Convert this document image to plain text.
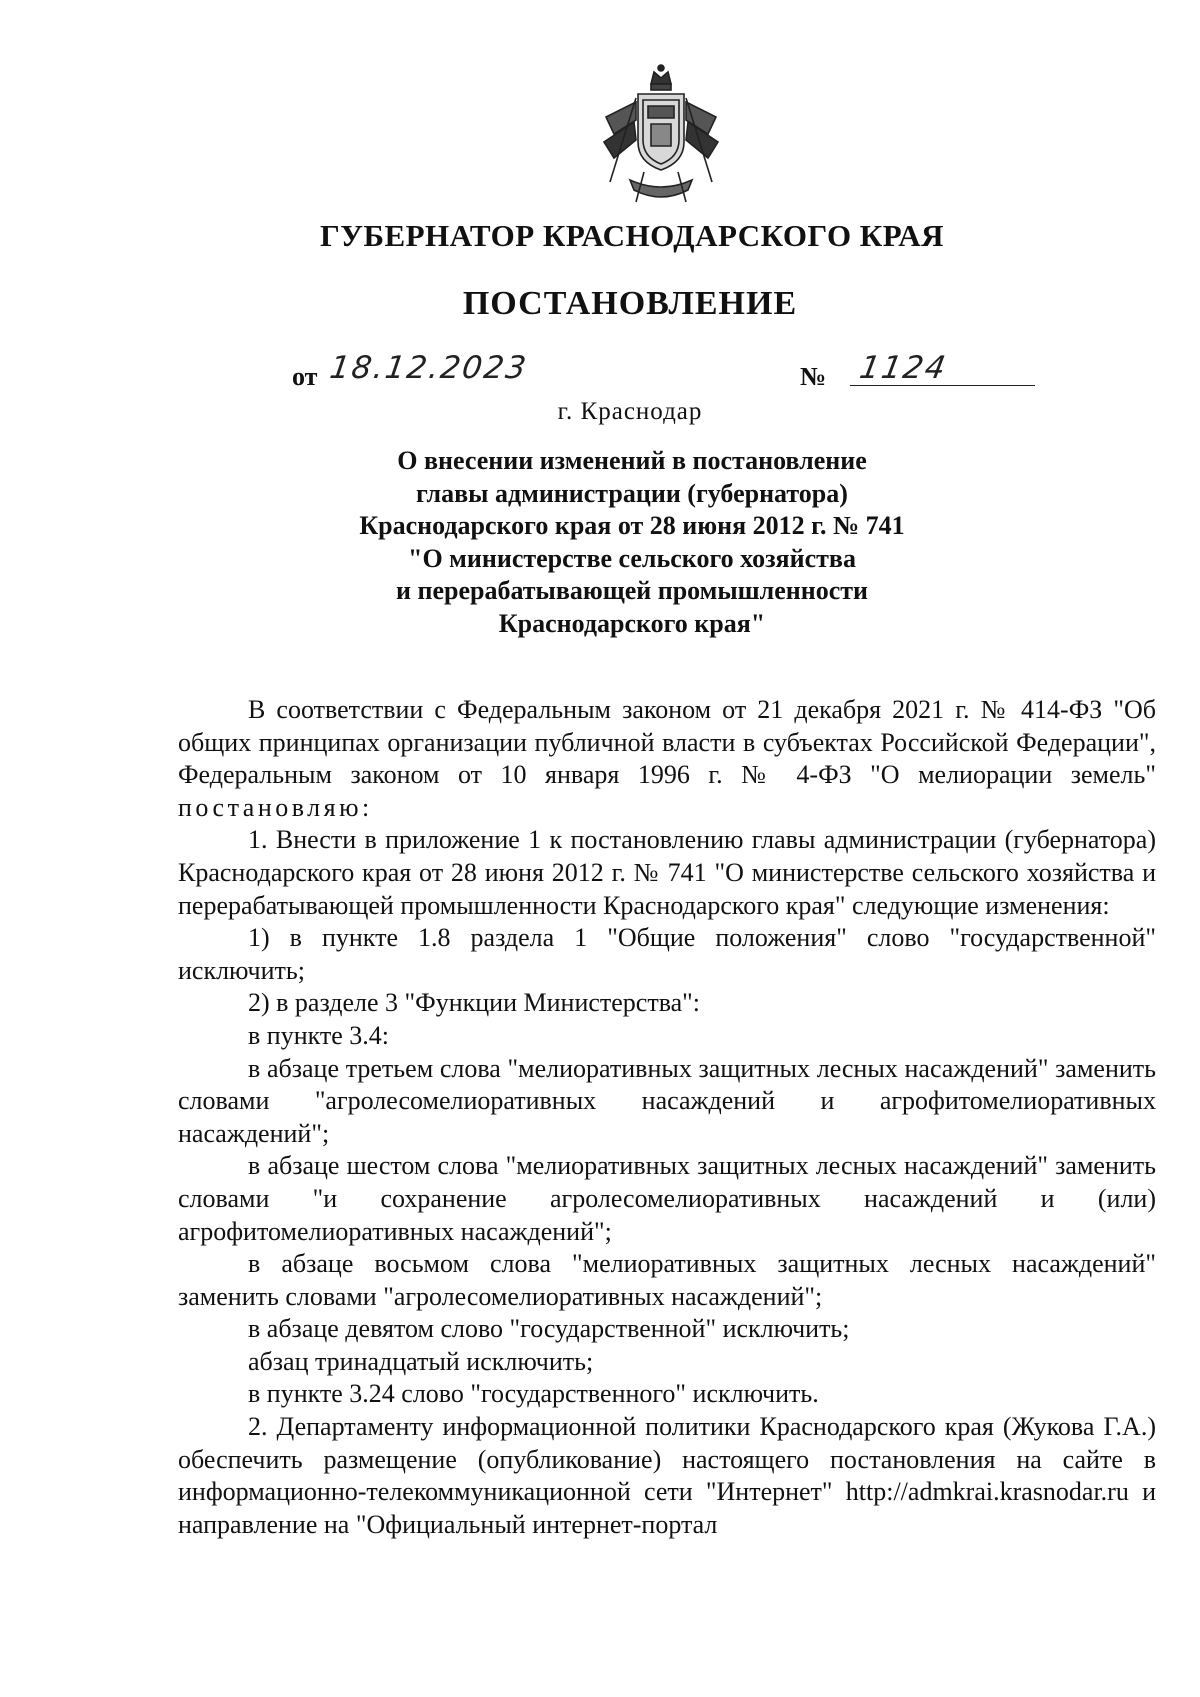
ГУБЕРНАТОР КРАСНОДАРСКОГО КРАЯ
ПОСТАНОВЛЕНИЕ
от 18.12.2023	№ 1124
г. Краснодар
О внесении изменений в постановление
главы администрации (губернатора)
Краснодарского края от 28 июня 2012 г. № 741
"О министерстве сельского хозяйства
и перерабатывающей промышленности
Краснодарского края"

В соответствии с Федеральным законом от 21 декабря 2021 г. № 414-ФЗ "Об общих принципах организации публичной власти в субъектах Российской Федерации", Федеральным законом от 10 января 1996 г. № 4-ФЗ "О мелиорации земель" постановляю:

1. Внести в приложение 1 к постановлению главы администрации (губернатора) Краснодарского края от 28 июня 2012 г. № 741 "О министерстве сельского хозяйства и перерабатывающей промышленности Краснодарского края" следующие изменения:

1) в пункте 1.8 раздела 1 "Общие положения" слово "государственной" исключить;

2) в разделе 3 "Функции Министерства":

в пункте 3.4:

в абзаце третьем слова "мелиоративных защитных лесных насаждений" заменить словами "агролесомелиоративных насаждений и агрофитомелиоративных насаждений";

в абзаце шестом слова "мелиоративных защитных лесных насаждений" заменить словами "и сохранение агролесомелиоративных насаждений и (или) агрофитомелиоративных насаждений";

в абзаце восьмом слова "мелиоративных защитных лесных насаждений" заменить словами "агролесомелиоративных насаждений";

в абзаце девятом слово "государственной" исключить;

абзац тринадцатый исключить;

в пункте 3.24 слово "государственного" исключить.

2. Департаменту информационной политики Краснодарского края (Жукова Г.А.) обеспечить размещение (опубликование) настоящего постановления на сайте в информационно-телекоммуникационной сети "Интернет" http://admkrai.krasnodar.ru и направление на "Официальный интернет-портал
